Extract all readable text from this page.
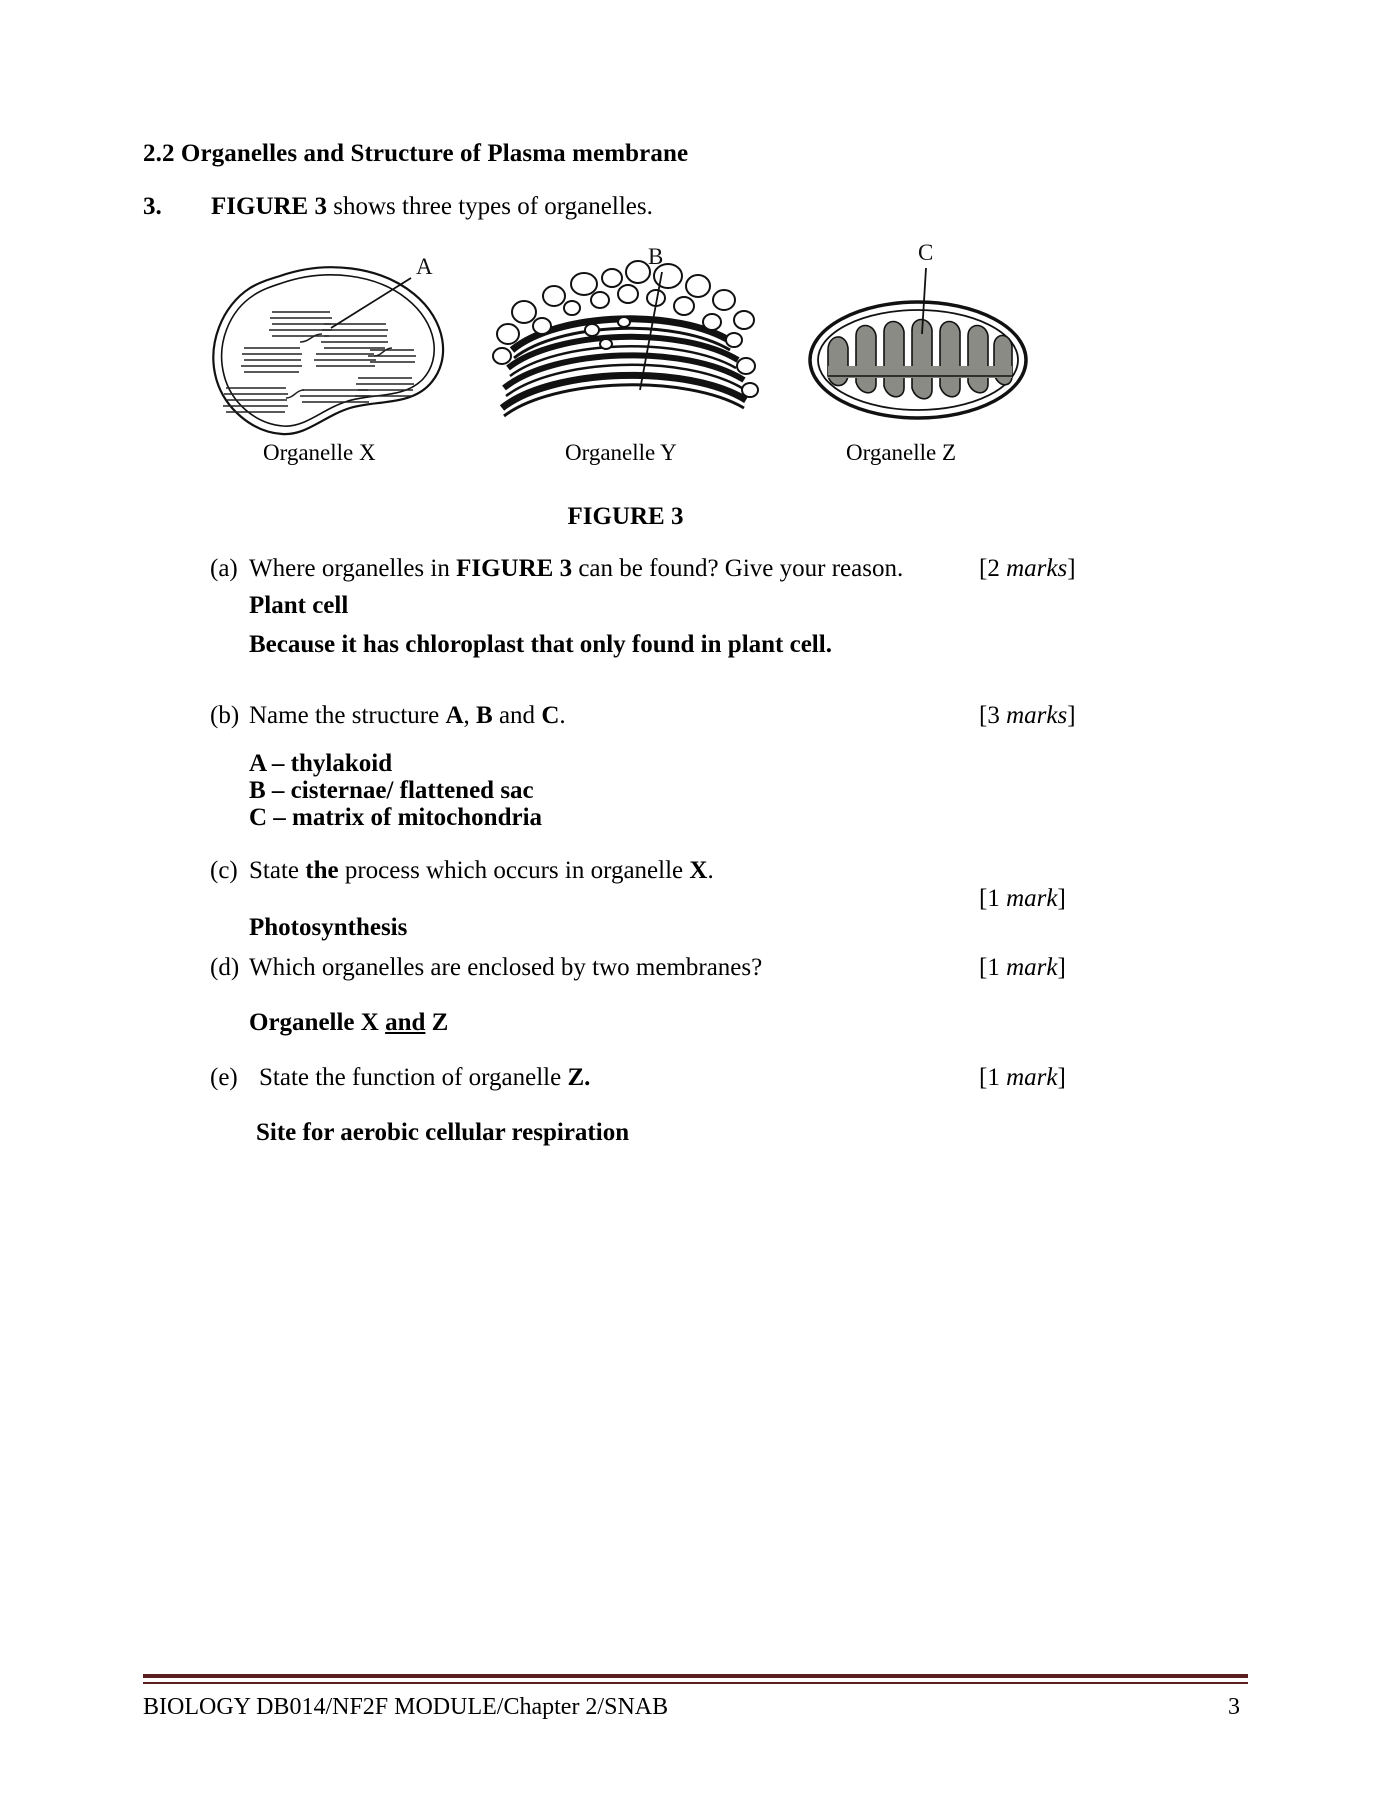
2.2 Organelles and Structure of Plasma membrane
3. FIGURE 3 shows three types of organelles.
A	B	C
Organelle X	Organelle Y	Organelle Z
FIGURE 3
(a) Where organelles in FIGURE 3 can be found? Give your reason.	[2 marks]
Plant cell
Because it has chloroplast that only found in plant cell.
(b) Name the structure A, B and C.	[3 marks]
A – thylakoid
B – cisternae/ flattened sac
C – matrix of mitochondria
(c) State the process which occurs in organelle X.
[1 mark]
Photosynthesis
(d) Which organelles are enclosed by two membranes?	[1 mark]
Organelle X and Z
(e) State the function of organelle Z.	[1 mark]
Site for aerobic cellular respiration
BIOLOGY DB014/NF2F MODULE/Chapter 2/SNAB	3
